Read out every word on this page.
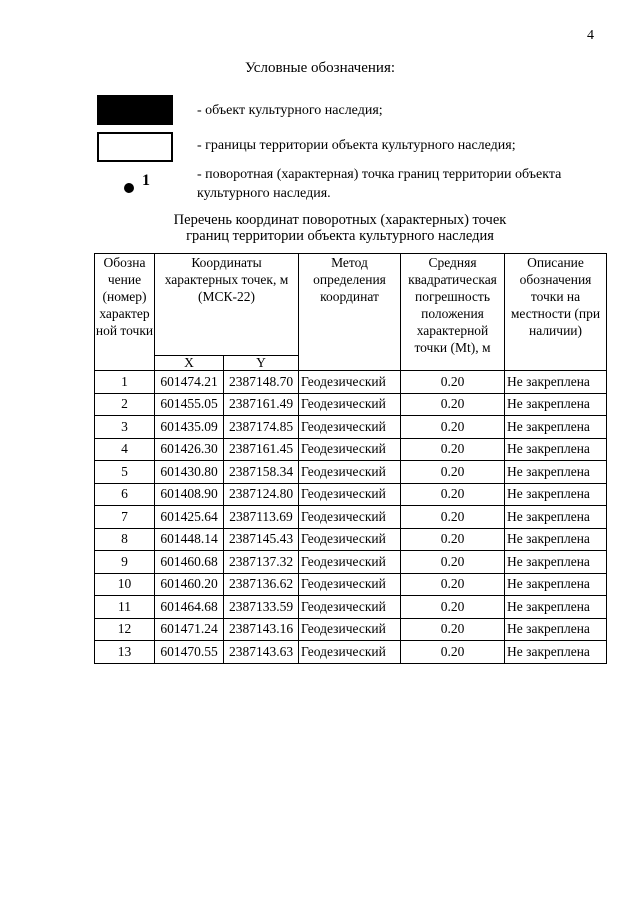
4
Условные обозначения:
- объект культурного наследия;
- границы территории объекта культурного наследия;
1	- поворотная (характерная) точка границ территории объекта культурного наследия.
Перечень координат поворотных (характерных) точек
границ территории объекта культурного наследия
Обозна чение (номер) характер ной точки	Координаты характерных точек, м (МСК-22)		Метод определения координат	Средняя квадратическая погрешность положения характерной точки (Mt), м	Описание обозначения точки на местности (при наличии)
	X	Y			
1	601474.21	2387148.70	Геодезический	0.20	Не закреплена
2	601455.05	2387161.49	Геодезический	0.20	Не закреплена
3	601435.09	2387174.85	Геодезический	0.20	Не закреплена
4	601426.30	2387161.45	Геодезический	0.20	Не закреплена
5	601430.80	2387158.34	Геодезический	0.20	Не закреплена
6	601408.90	2387124.80	Геодезический	0.20	Не закреплена
7	601425.64	2387113.69	Геодезический	0.20	Не закреплена
8	601448.14	2387145.43	Геодезический	0.20	Не закреплена
9	601460.68	2387137.32	Геодезический	0.20	Не закреплена
10	601460.20	2387136.62	Геодезический	0.20	Не закреплена
11	601464.68	2387133.59	Геодезический	0.20	Не закреплена
12	601471.24	2387143.16	Геодезический	0.20	Не закреплена
13	601470.55	2387143.63	Геодезический	0.20	Не закреплена
